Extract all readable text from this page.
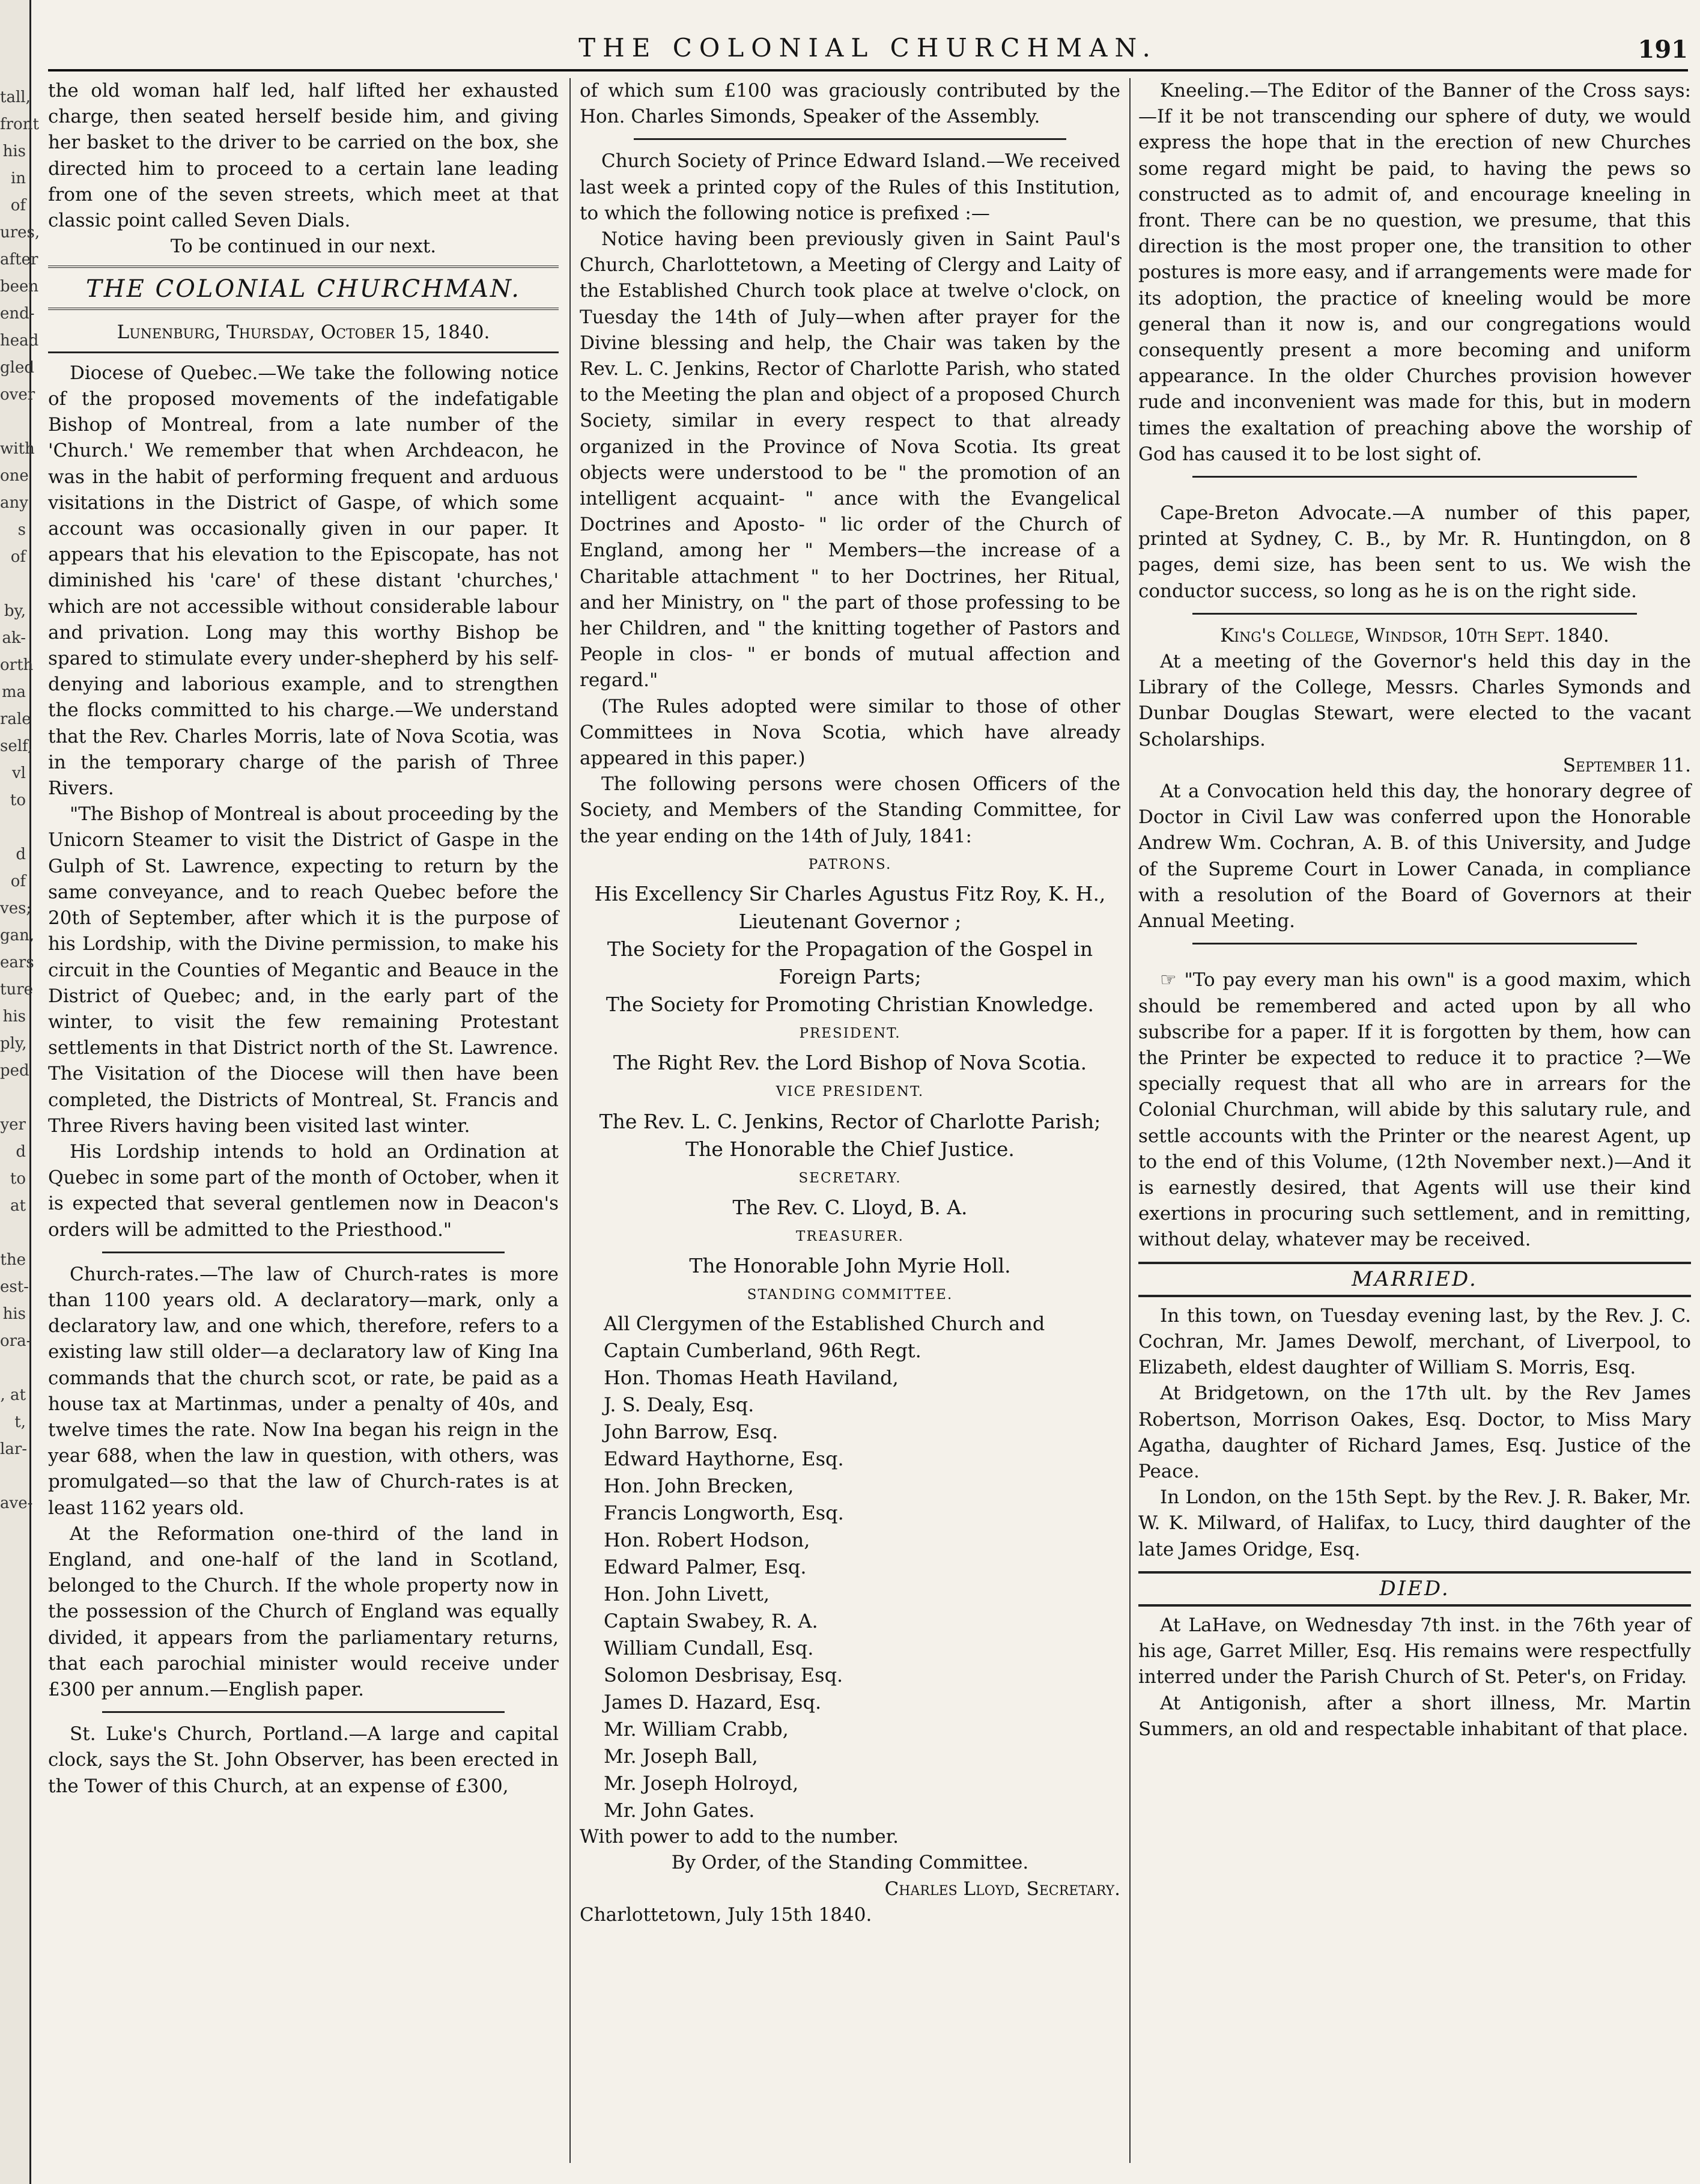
tall,
front
his
in of
ures,
after
been
end-
head
gled
over

with
one
any
s of

by,
ak-
orth
ma
rale
self,
vl to

d of
ves;
gan,
ears
ture
his
ply,
ped

yer
d to
at

the
est-
his
ora-

, at
t,
lar-

ave-
THE COLONIAL CHURCHMAN.	191

the old woman half led, half lifted her exhausted charge, then seated herself beside him, and giving her basket to the driver to be carried on the box, she directed him to proceed to a certain lane leading from one of the seven streets, which meet at that classic point called Seven Dials.

To be continued in our next.

THE COLONIAL CHURCHMAN.
Lunenburg, Thursday, October 15, 1840.

Diocese of Quebec.—We take the following notice of the proposed movements of the indefatigable Bishop of Montreal, from a late number of the 'Church.' We remember that when Archdeacon, he was in the habit of performing frequent and arduous visitations in the District of Gaspe, of which some account was occasionally given in our paper. It appears that his elevation to the Episcopate, has not diminished his 'care' of these distant 'churches,' which are not accessible without considerable labour and privation. Long may this worthy Bishop be spared to stimulate every under-shepherd by his self-denying and laborious example, and to strengthen the flocks committed to his charge.—We understand that the Rev. Charles Morris, late of Nova Scotia, was in the temporary charge of the parish of Three Rivers.

"The Bishop of Montreal is about proceeding by the Unicorn Steamer to visit the District of Gaspe in the Gulph of St. Lawrence, expecting to return by the same conveyance, and to reach Quebec before the 20th of September, after which it is the purpose of his Lordship, with the Divine permission, to make his circuit in the Counties of Megantic and Beauce in the District of Quebec; and, in the early part of the winter, to visit the few remaining Protestant settlements in that District north of the St. Lawrence. The Visitation of the Diocese will then have been completed, the Districts of Montreal, St. Francis and Three Rivers having been visited last winter.

His Lordship intends to hold an Ordination at Quebec in some part of the month of October, when it is expected that several gentlemen now in Deacon's orders will be admitted to the Priesthood."

Church-rates.—The law of Church-rates is more than 1100 years old. A declaratory—mark, only a declaratory law, and one which, therefore, refers to a existing law still older—a declaratory law of King Ina commands that the church scot, or rate, be paid as a house tax at Martinmas, under a penalty of 40s, and twelve times the rate. Now Ina began his reign in the year 688, when the law in question, with others, was promulgated—so that the law of Church-rates is at least 1162 years old.

At the Reformation one-third of the land in England, and one-half of the land in Scotland, belonged to the Church. If the whole property now in the possession of the Church of England was equally divided, it appears from the parliamentary returns, that each parochial minister would receive under £300 per annum.—English paper.

St. Luke's Church, Portland.—A large and capital clock, says the St. John Observer, has been erected in the Tower of this Church, at an expense of £300,

of which sum £100 was graciously contributed by the Hon. Charles Simonds, Speaker of the Assembly.

Church Society of Prince Edward Island.—We received last week a printed copy of the Rules of this Institution, to which the following notice is prefixed :—

Notice having been previously given in Saint Paul's Church, Charlottetown, a Meeting of Clergy and Laity of the Established Church took place at twelve o'clock, on Tuesday the 14th of July—when after prayer for the Divine blessing and help, the Chair was taken by the Rev. L. C. Jenkins, Rector of Charlotte Parish, who stated to the Meeting the plan and object of a proposed Church Society, similar in every respect to that already organized in the Province of Nova Scotia. Its great objects were understood to be " the promotion of an intelligent acquaint- " ance with the Evangelical Doctrines and Aposto- " lic order of the Church of England, among her " Members—the increase of a Charitable attachment " to her Doctrines, her Ritual, and her Ministry, on " the part of those professing to be her Children, and " the knitting together of Pastors and People in clos- " er bonds of mutual affection and regard."

(The Rules adopted were similar to those of other Committees in Nova Scotia, which have already appeared in this paper.)

The following persons were chosen Officers of the Society, and Members of the Standing Committee, for the year ending on the 14th of July, 1841:

PATRONS.
His Excellency Sir Charles Agustus Fitz Roy, K. H., Lieutenant Governor ;
The Society for the Propagation of the Gospel in Foreign Parts;
The Society for Promoting Christian Knowledge.
PRESIDENT.
The Right Rev. the Lord Bishop of Nova Scotia.
VICE PRESIDENT.
The Rev. L. C. Jenkins, Rector of Charlotte Parish;
The Honorable the Chief Justice.
SECRETARY.
The Rev. C. Lloyd, B. A.
TREASURER.
The Honorable John Myrie Holl.
STANDING COMMITTEE.
All Clergymen of the Established Church and
Captain Cumberland, 96th Regt.
Hon. Thomas Heath Haviland,
J. S. Dealy, Esq.
John Barrow, Esq.
Edward Haythorne, Esq.
Hon. John Brecken,
Francis Longworth, Esq.
Hon. Robert Hodson,
Edward Palmer, Esq.
Hon. John Livett,
Captain Swabey, R. A.
William Cundall, Esq.
Solomon Desbrisay, Esq.
James D. Hazard, Esq.
Mr. William Crabb,
Mr. Joseph Ball,
Mr. Joseph Holroyd,
Mr. John Gates.

With power to add to the number.

By Order, of the Standing Committee.

Charles Lloyd, Secretary.

Charlottetown, July 15th 1840.

Kneeling.—The Editor of the Banner of the Cross says: —If it be not transcending our sphere of duty, we would express the hope that in the erection of new Churches some regard might be paid, to having the pews so constructed as to admit of, and encourage kneeling in front. There can be no question, we presume, that this direction is the most proper one, the transition to other postures is more easy, and if arrangements were made for its adoption, the practice of kneeling would be more general than it now is, and our congregations would consequently present a more becoming and uniform appearance. In the older Churches provision however rude and inconvenient was made for this, but in modern times the exaltation of preaching above the worship of God has caused it to be lost sight of.

Cape-Breton Advocate.—A number of this paper, printed at Sydney, C. B., by Mr. R. Huntingdon, on 8 pages, demi size, has been sent to us. We wish the conductor success, so long as he is on the right side.

King's College, Windsor, 10th Sept. 1840.

At a meeting of the Governor's held this day in the Library of the College, Messrs. Charles Symonds and Dunbar Douglas Stewart, were elected to the vacant Scholarships.

September 11.

At a Convocation held this day, the honorary degree of Doctor in Civil Law was conferred upon the Honorable Andrew Wm. Cochran, A. B. of this University, and Judge of the Supreme Court in Lower Canada, in compliance with a resolution of the Board of Governors at their Annual Meeting.

☞ "To pay every man his own" is a good maxim, which should be remembered and acted upon by all who subscribe for a paper. If it is forgotten by them, how can the Printer be expected to reduce it to practice ?—We specially request that all who are in arrears for the Colonial Churchman, will abide by this salutary rule, and settle accounts with the Printer or the nearest Agent, up to the end of this Volume, (12th November next.)—And it is earnestly desired, that Agents will use their kind exertions in procuring such settlement, and in remitting, without delay, whatever may be received.

MARRIED.

In this town, on Tuesday evening last, by the Rev. J. C. Cochran, Mr. James Dewolf, merchant, of Liverpool, to Elizabeth, eldest daughter of William S. Morris, Esq.

At Bridgetown, on the 17th ult. by the Rev James Robertson, Morrison Oakes, Esq. Doctor, to Miss Mary Agatha, daughter of Richard James, Esq. Justice of the Peace.

In London, on the 15th Sept. by the Rev. J. R. Baker, Mr. W. K. Milward, of Halifax, to Lucy, third daughter of the late James Oridge, Esq.

DIED.

At LaHave, on Wednesday 7th inst. in the 76th year of his age, Garret Miller, Esq. His remains were respectfully interred under the Parish Church of St. Peter's, on Friday.

At Antigonish, after a short illness, Mr. Martin Summers, an old and respectable inhabitant of that place.
